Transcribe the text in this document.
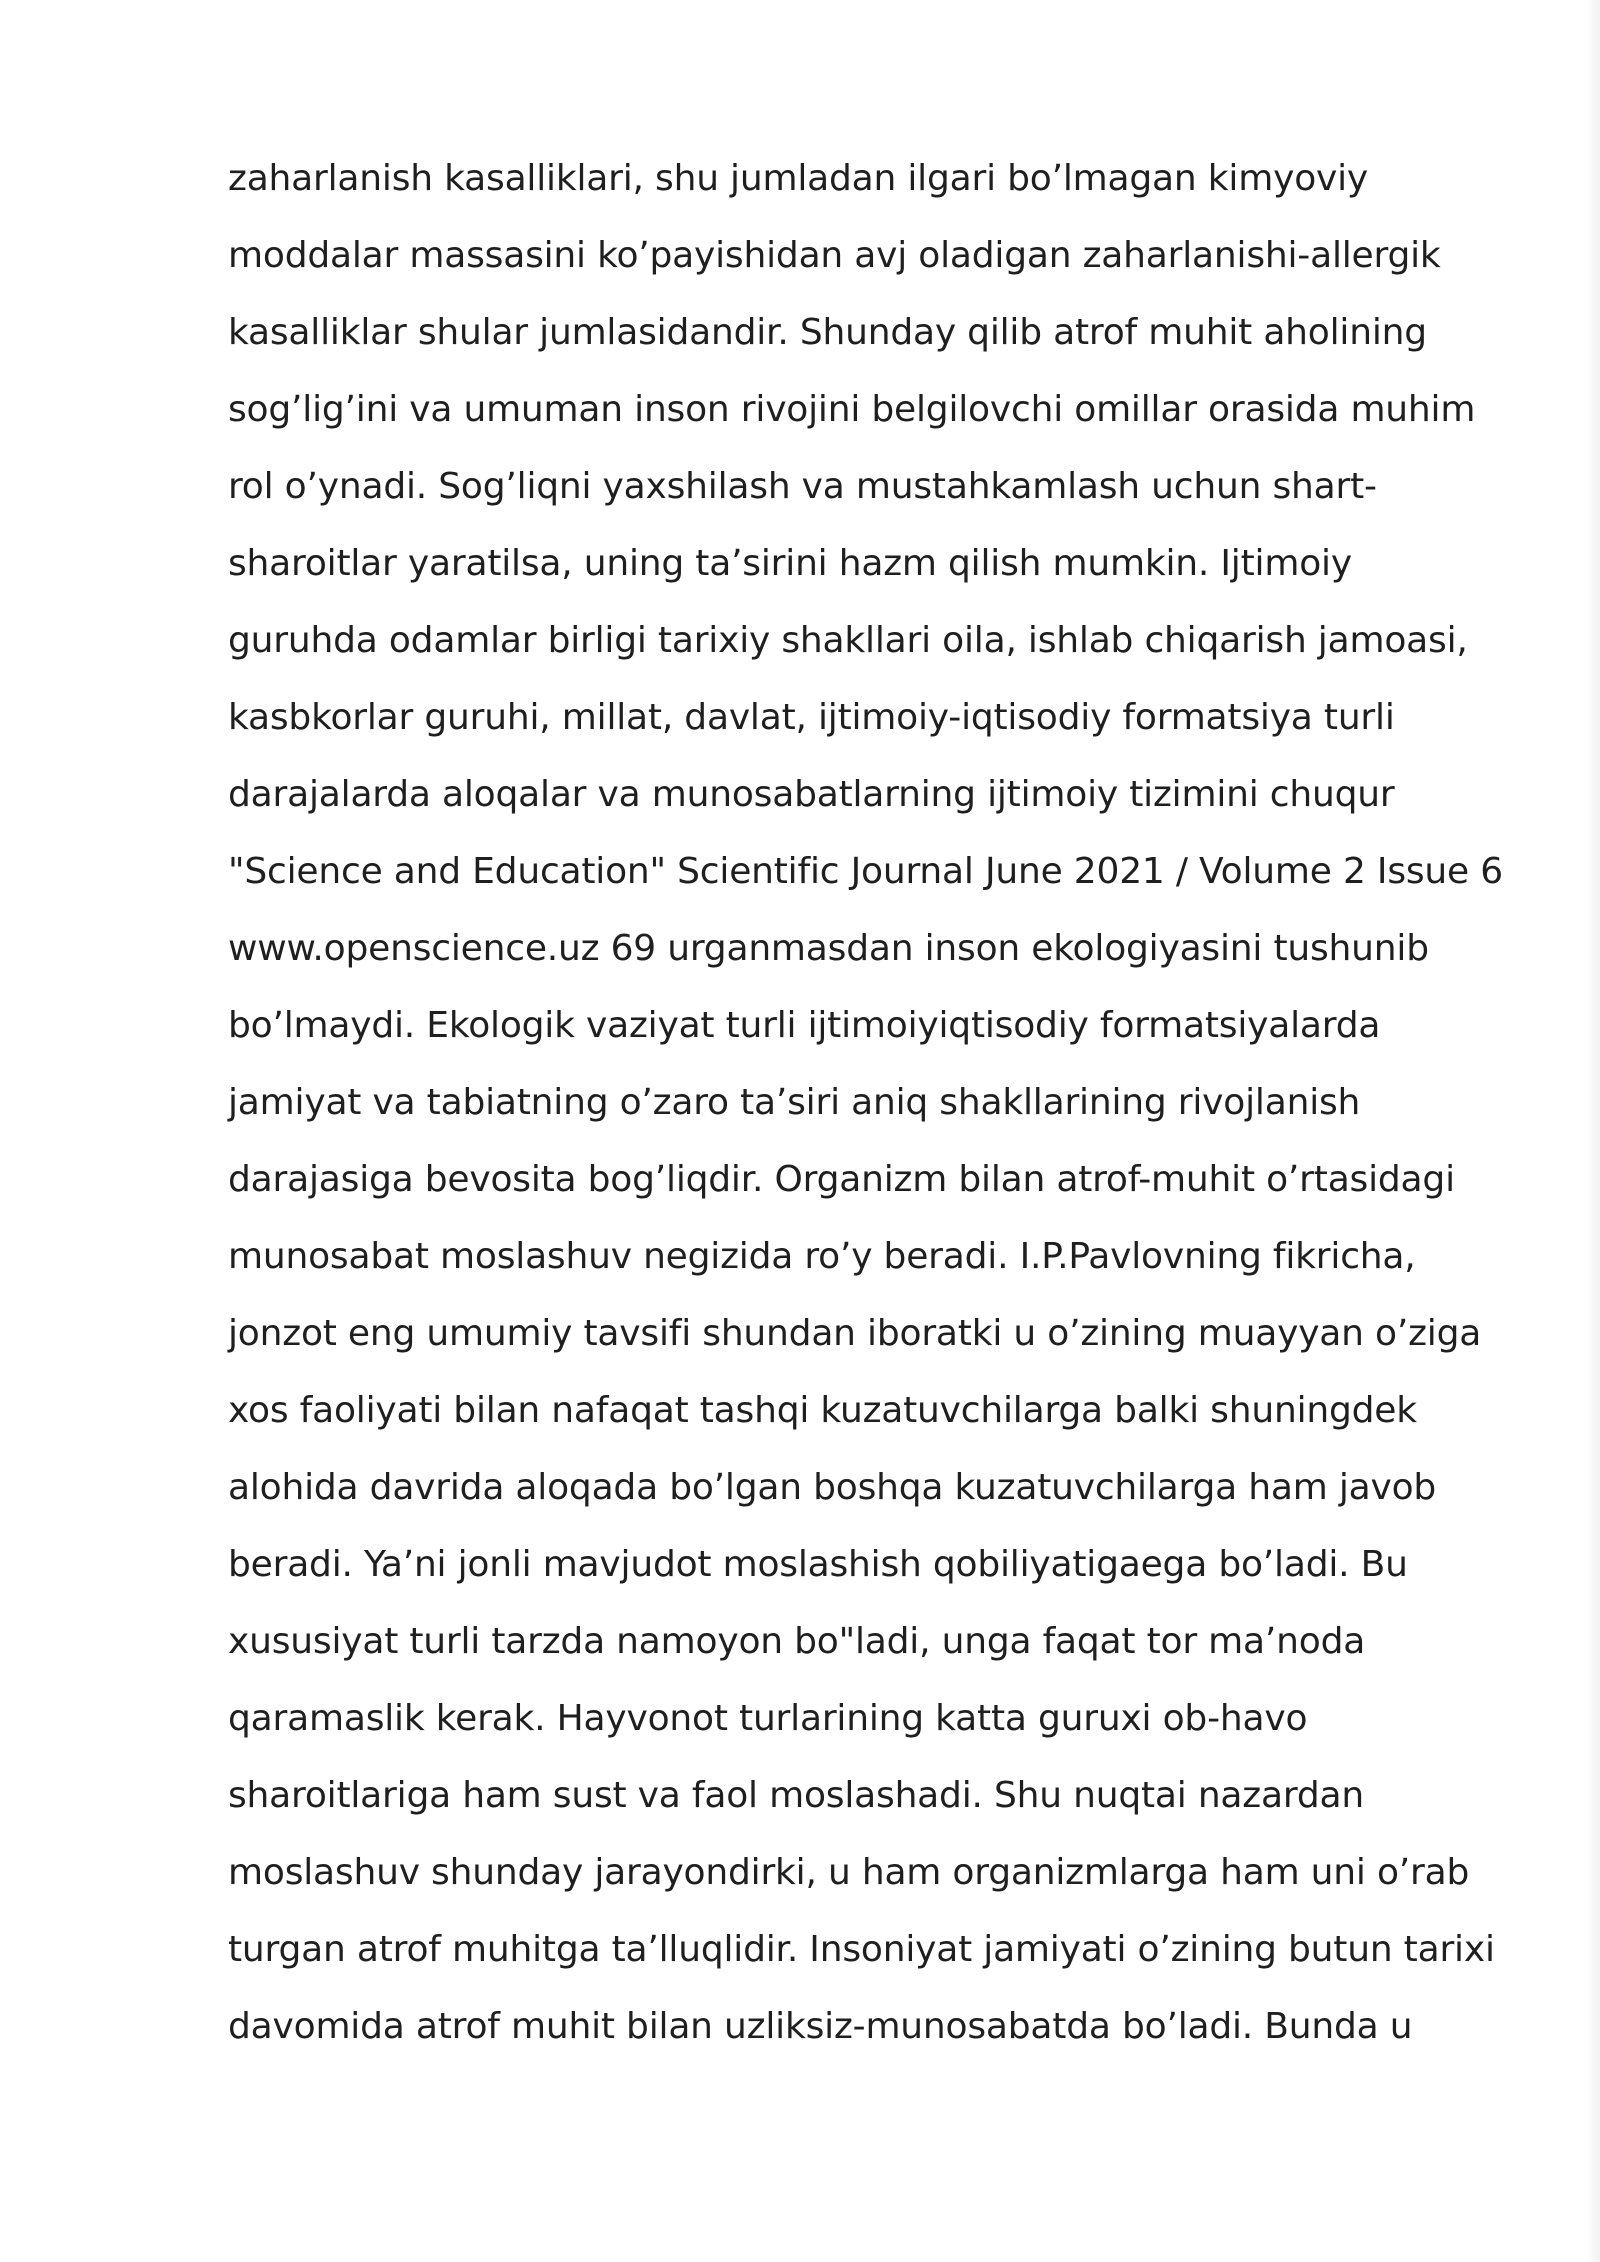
zaharlanish kasalliklari, shu jumladan ilgari bo’lmagan kimyoviy
moddalar massasini ko’payishidan avj oladigan zaharlanishi-allergik
kasalliklar shular jumlasidandir. Shunday qilib atrof muhit aholining
sog’lig’ini va umuman inson rivojini belgilovchi omillar orasida muhim
rol o’ynadi. Sog’liqni yaxshilash va mustahkamlash uchun shart-
sharoitlar yaratilsa, uning ta’sirini hazm qilish mumkin. Ijtimoiy
guruhda odamlar birligi tarixiy shakllari oila, ishlab chiqarish jamoasi,
kasbkorlar guruhi, millat, davlat, ijtimoiy-iqtisodiy formatsiya turli
darajalarda aloqalar va munosabatlarning ijtimoiy tizimini chuqur
"Science and Education" Scientific Journal June 2021 / Volume 2 Issue 6
www.openscience.uz 69 urganmasdan inson ekologiyasini tushunib
bo’lmaydi. Ekologik vaziyat turli ijtimoiyiqtisodiy formatsiyalarda
jamiyat va tabiatning o’zaro ta’siri aniq shakllarining rivojlanish
darajasiga bevosita bog’liqdir. Organizm bilan atrof-muhit o’rtasidagi
munosabat moslashuv negizida ro’y beradi. I.P.Pavlovning fikricha,
jonzot eng umumiy tavsifi shundan iboratki u o’zining muayyan o’ziga
xos faoliyati bilan nafaqat tashqi kuzatuvchilarga balki shuningdek
alohida davrida aloqada bo’lgan boshqa kuzatuvchilarga ham javob
beradi. Ya’ni jonli mavjudot moslashish qobiliyatigaega bo’ladi. Bu
xususiyat turli tarzda namoyon bo"ladi, unga faqat tor ma’noda
qaramaslik kerak. Hayvonot turlarining katta guruxi ob-havo
sharoitlariga ham sust va faol moslashadi. Shu nuqtai nazardan
moslashuv shunday jarayondirki, u ham organizmlarga ham uni o’rab
turgan atrof muhitga ta’lluqlidir. Insoniyat jamiyati o’zining butun tarixi
davomida atrof muhit bilan uzliksiz-munosabatda bo’ladi. Bunda u
